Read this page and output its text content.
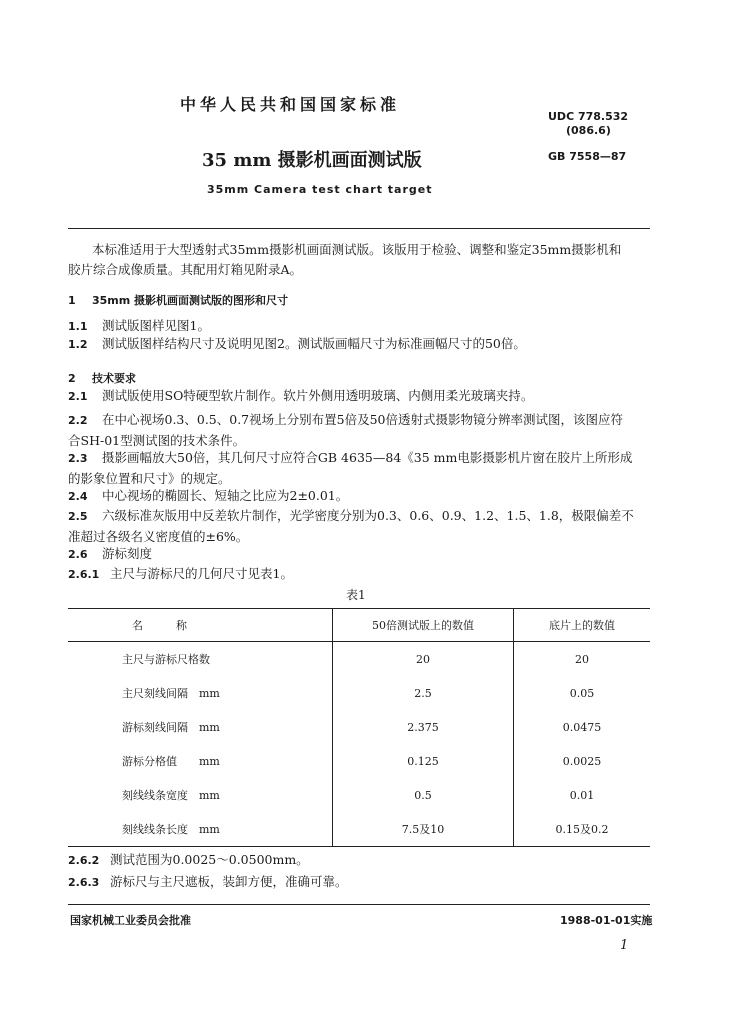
中华人民共和国国家标准
UDC 778.532
(086.6)
35 mm 摄影机画面测试版	GB 7558—87
35mm Camera test chart target
本标准适用于大型透射式35mm摄影机画面测试版。该版用于检验、调整和鉴定35mm摄影机和
胶片综合成像质量。其配用灯箱见附录A。
1 35mm 摄影机画面测试版的图形和尺寸
1.1 测试版图样见图1。
1.2 测试版图样结构尺寸及说明见图2。测试版画幅尺寸为标准画幅尺寸的50倍。
2 技术要求
2.1 测试版使用SO特硬型软片制作。软片外侧用透明玻璃、内侧用柔光玻璃夹持。
2.2 在中心视场0.3、0.5、0.7视场上分别布置5倍及50倍透射式摄影物镜分辨率测试图，该图应符
合SH-01型测试图的技术条件。
2.3 摄影画幅放大50倍，其几何尺寸应符合GB 4635—84《35 mm电影摄影机片窗在胶片上所形成
的影象位置和尺寸》的规定。
2.4 中心视场的椭圆长、短轴之比应为2±0.01。
2.5 六级标准灰版用中反差软片制作，光学密度分别为0.3、0.6、0.9、1.2、1.5、1.8，极限偏差不
准超过各级名义密度值的±6%。
2.6 游标刻度
2.6.1 主尺与游标尺的几何尺寸见表1。
表1
名　　　称	50倍测试版上的数值	底片上的数值
主尺与游标尺格数	20	20
主尺刻线间隔　mm	2.5	0.05
游标刻线间隔　mm	2.375	0.0475
游标分格值　　mm	0.125	0.0025
刻线线条宽度　mm	0.5	0.01
刻线线条长度　mm	7.5及10	0.15及0.2
2.6.2 测试范围为0.0025～0.0500mm。
2.6.3 游标尺与主尺遮板，装卸方便，准确可靠。
国家机械工业委员会批准	1988-01-01实施
1
